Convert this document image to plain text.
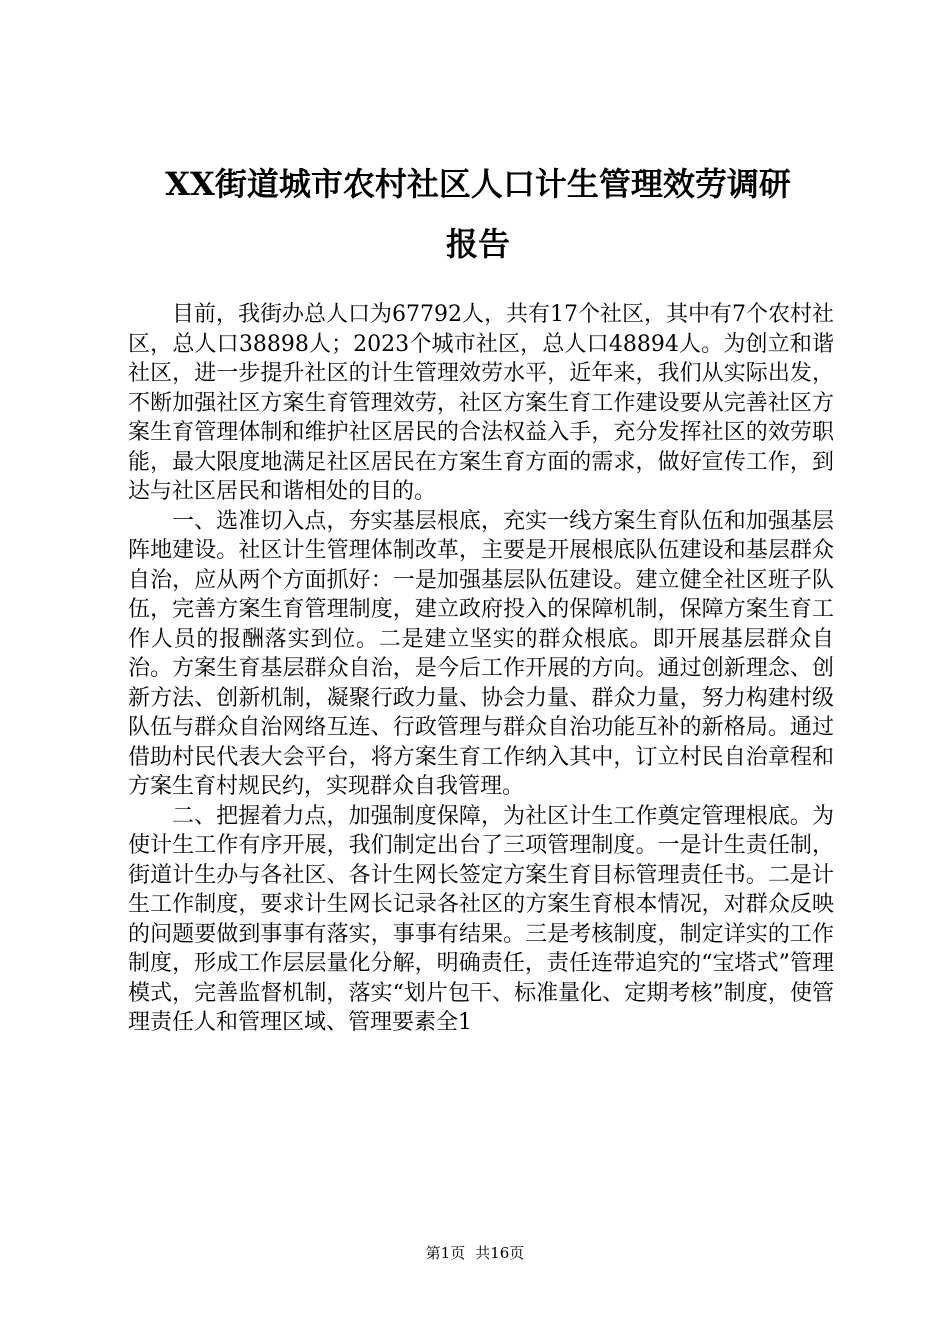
XX街道城市农村社区人口计生管理效劳调研
报告

目前，我街办总人口为67792人，共有17个社区，其中有7个农村社区，总人口38898人；2023个城市社区，总人口48894人。为创立和谐社区，进一步提升社区的计生管理效劳水平，近年来，我们从实际出发，不断加强社区方案生育管理效劳，社区方案生育工作建设要从完善社区方案生育管理体制和维护社区居民的合法权益入手，充分发挥社区的效劳职能，最大限度地满足社区居民在方案生育方面的需求，做好宣传工作，到达与社区居民和谐相处的目的。

一、选准切入点，夯实基层根底，充实一线方案生育队伍和加强基层阵地建设。社区计生管理体制改革，主要是开展根底队伍建设和基层群众自治，应从两个方面抓好：一是加强基层队伍建设。建立健全社区班子队伍，完善方案生育管理制度，建立政府投入的保障机制，保障方案生育工作人员的报酬落实到位。二是建立坚实的群众根底。即开展基层群众自治。方案生育基层群众自治，是今后工作开展的方向。通过创新理念、创新方法、创新机制，凝聚行政力量、协会力量、群众力量，努力构建村级队伍与群众自治网络互连、行政管理与群众自治功能互补的新格局。通过借助村民代表大会平台，将方案生育工作纳入其中，订立村民自治章程和方案生育村规民约，实现群众自我管理。

二、把握着力点，加强制度保障，为社区计生工作奠定管理根底。为使计生工作有序开展，我们制定出台了三项管理制度。一是计生责任制，街道计生办与各社区、各计生网长签定方案生育目标管理责任书。二是计生工作制度，要求计生网长记录各社区的方案生育根本情况，对群众反映的问题要做到事事有落实，事事有结果。三是考核制度，制定详实的工作制度，形成工作层层量化分解，明确责任，责任连带追究的“宝塔式”管理模式，完善监督机制，落实“划片包干、标准量化、定期考核”制度，使管理责任人和管理区域、管理要素全1

第1页 共16页
